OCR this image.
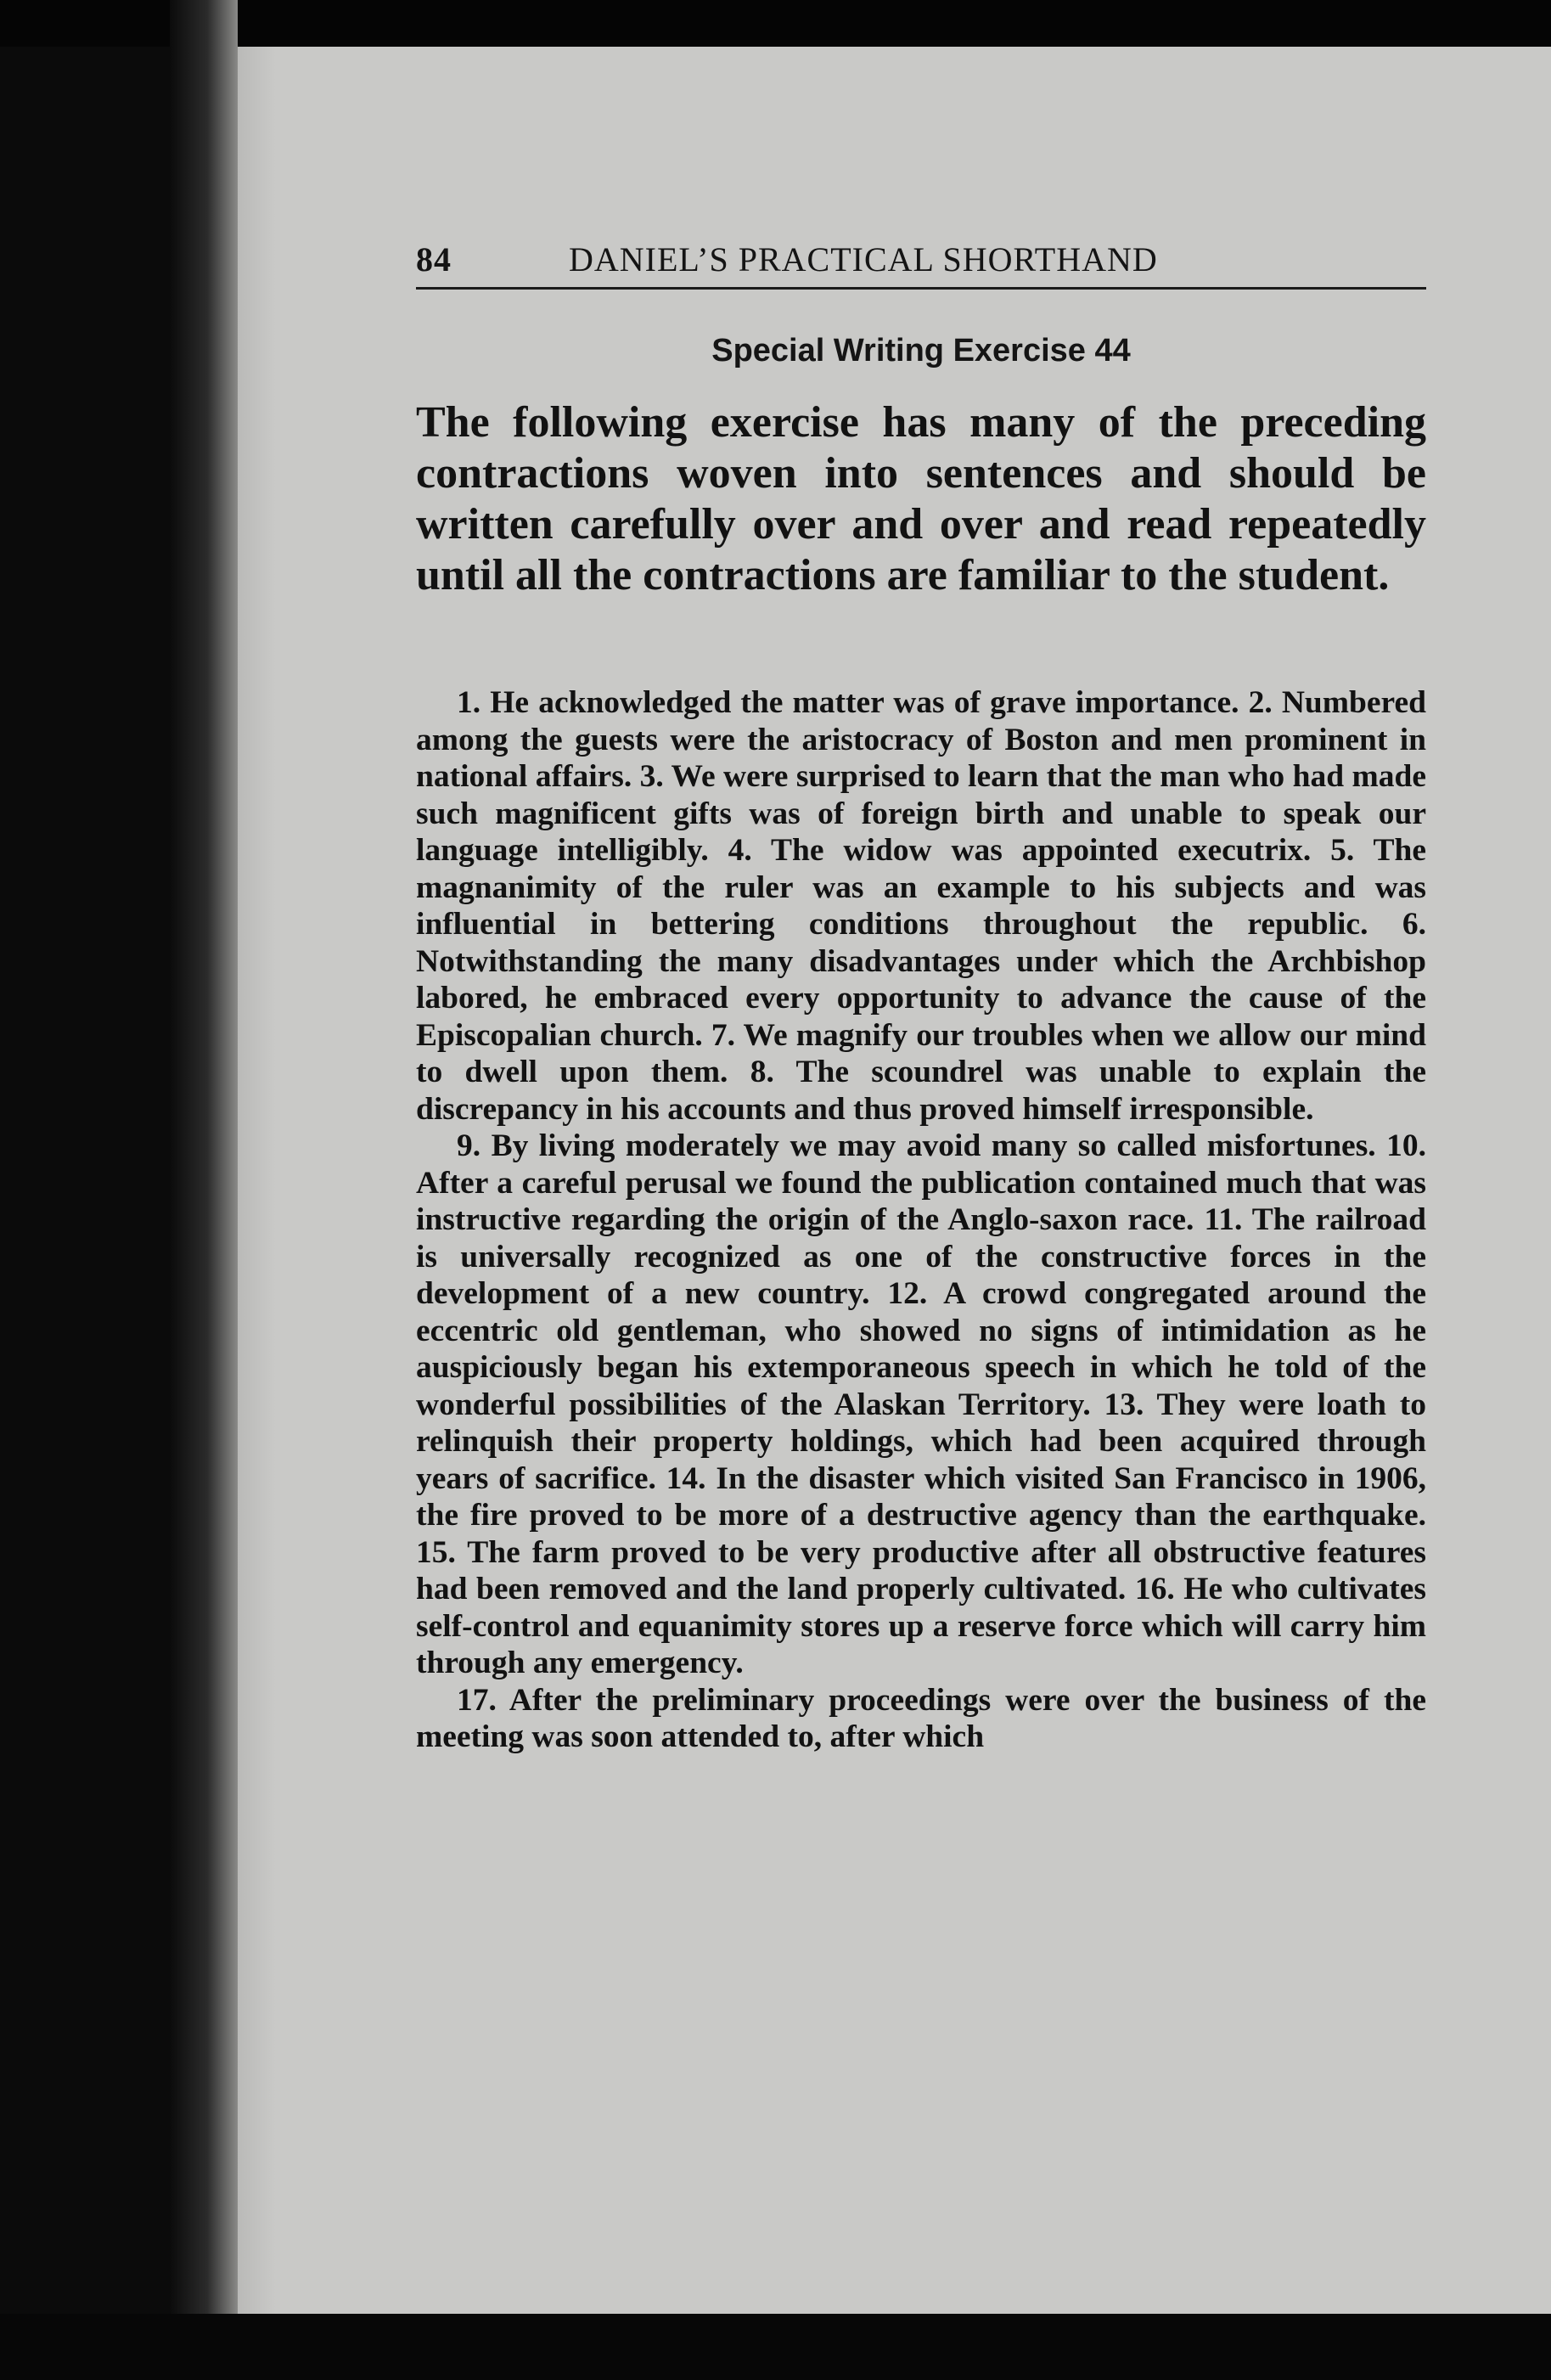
84	DANIEL’S PRACTICAL SHORTHAND
Special Writing Exercise 44
The following exercise has many of the preceding contractions woven into sentences and should be written carefully over and over and read repeatedly until all the contractions are familiar to the student.

1. He acknowledged the matter was of grave importance. 2. Numbered among the guests were the aristocracy of Boston and men prominent in national affairs. 3. We were surprised to learn that the man who had made such magnificent gifts was of foreign birth and unable to speak our language intelligibly. 4. The widow was appointed executrix. 5. The magnanimity of the ruler was an example to his subjects and was influential in bettering conditions throughout the republic. 6. Notwithstanding the many disadvantages under which the Archbishop labored, he embraced every opportunity to advance the cause of the Episcopalian church. 7. We magnify our troubles when we allow our mind to dwell upon them. 8. The scoundrel was unable to explain the discrepancy in his accounts and thus proved himself irresponsible.

9. By living moderately we may avoid many so called misfortunes. 10. After a careful perusal we found the publication contained much that was instructive regarding the origin of the Anglo-saxon race. 11. The railroad is universally recognized as one of the constructive forces in the development of a new country. 12. A crowd congregated around the eccentric old gentleman, who showed no signs of intimidation as he auspiciously began his extemporaneous speech in which he told of the wonderful possibilities of the Alaskan Territory. 13. They were loath to relinquish their property holdings, which had been acquired through years of sacrifice. 14. In the disaster which visited San Francisco in 1906, the fire proved to be more of a destructive agency than the earthquake. 15. The farm proved to be very productive after all obstructive features had been removed and the land properly cultivated. 16. He who cultivates self-control and equanimity stores up a reserve force which will carry him through any emergency.

17. After the preliminary proceedings were over the business of the meeting was soon attended to, after which
